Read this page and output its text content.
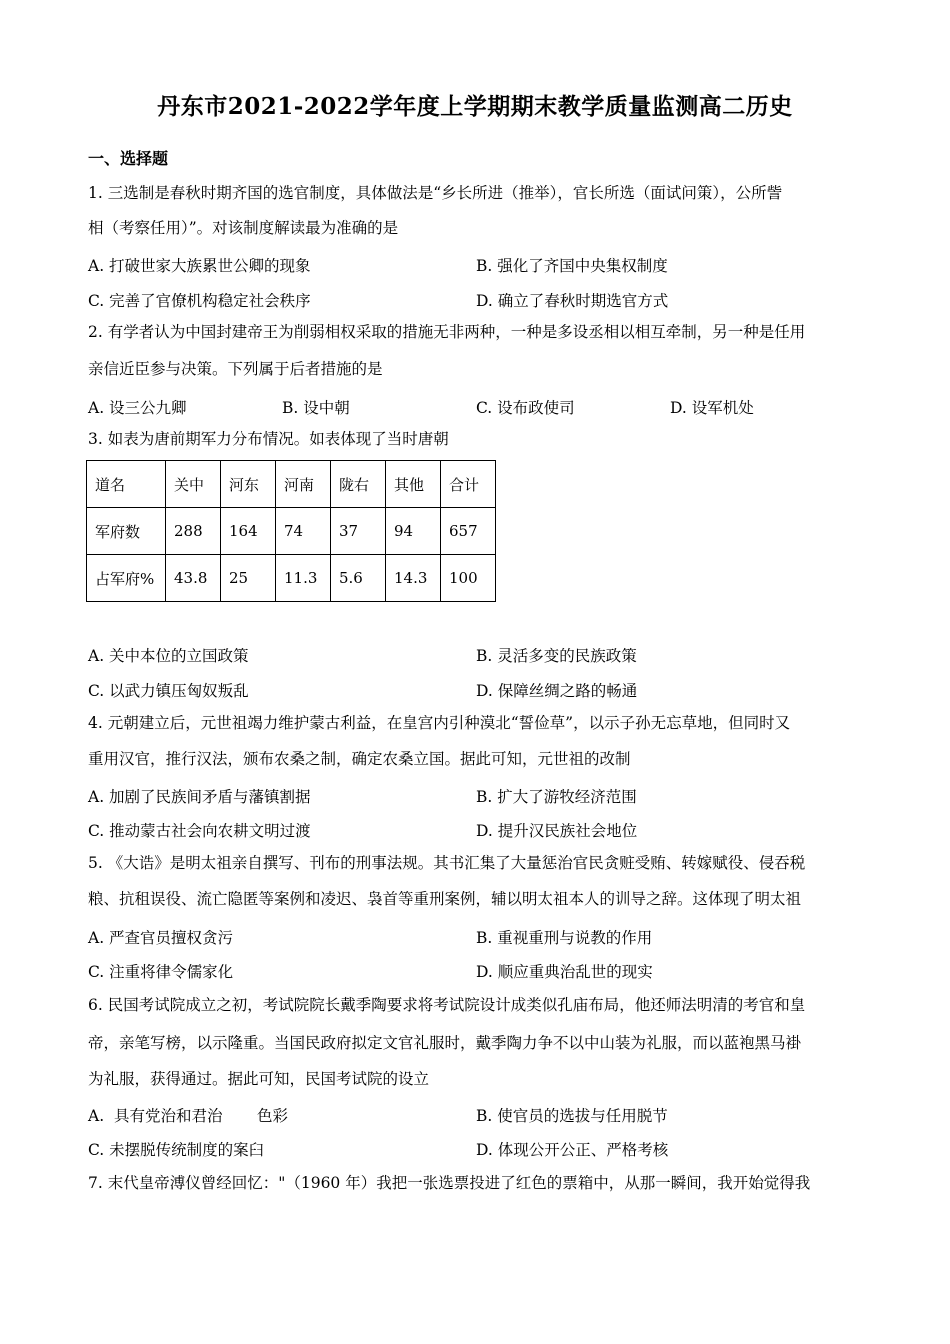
丹东市2021-2022学年度上学期期末教学质量监测高二历史
一、选择题
1. 三选制是春秋时期齐国的选官制度，具体做法是“乡长所进（推举），官长所选（面试问策），公所訾
相（考察任用）”。对该制度解读最为准确的是
A. 打破世家大族累世公卿的现象	B. 强化了齐国中央集权制度
C. 完善了官僚机构稳定社会秩序	D. 确立了春秋时期选官方式
2. 有学者认为中国封建帝王为削弱相权采取的措施无非两种，一种是多设丞相以相互牵制，另一种是任用
亲信近臣参与决策。下列属于后者措施的是
A. 设三公九卿	B. 设中朝	C. 设布政使司	D. 设军机处
3. 如表为唐前期军力分布情况。如表体现了当时唐朝
道名	关中	河东	河南	陇右	其他	合计
军府数	288	164	74	37	94	657
占军府%	43.8	25	11.3	5.6	14.3	100
A. 关中本位的立国政策	B. 灵活多变的民族政策
C. 以武力镇压匈奴叛乱	D. 保障丝绸之路的畅通
4. 元朝建立后，元世祖竭力维护蒙古利益，在皇宫内引种漠北“誓俭草”，以示子孙无忘草地，但同时又
重用汉官，推行汉法，颁布农桑之制，确定农桑立国。据此可知，元世祖的改制
A. 加剧了民族间矛盾与藩镇割据	B. 扩大了游牧经济范围
C. 推动蒙古社会向农耕文明过渡	D. 提升汉民族社会地位
5. 《大诰》是明太祖亲自撰写、刊布的刑事法规。其书汇集了大量惩治官民贪赃受贿、转嫁赋役、侵吞税
粮、抗租误役、流亡隐匿等案例和凌迟、袅首等重刑案例，辅以明太祖本人的训导之辞。这体现了明太祖
A. 严查官员擅权贪污	B. 重视重刑与说教的作用
C. 注重将律令儒家化	D. 顺应重典治乱世的现实
6. 民国考试院成立之初，考试院院长戴季陶要求将考试院设计成类似孔庙布局，他还师法明清的考官和皇
帝，亲笔写榜，以示隆重。当国民政府拟定文官礼服时，戴季陶力争不以中山装为礼服，而以蓝袍黑马褂
为礼服，获得通过。据此可知，民国考试院的设立
A.  具有党治和君治       色彩	B. 使官员的选拔与任用脱节
C. 未摆脱传统制度的案臼	D. 体现公开公正、严格考核
7. 末代皇帝溥仪曾经回忆："（1960 年）我把一张选票投进了红色的票箱中，从那一瞬间，我开始觉得我
